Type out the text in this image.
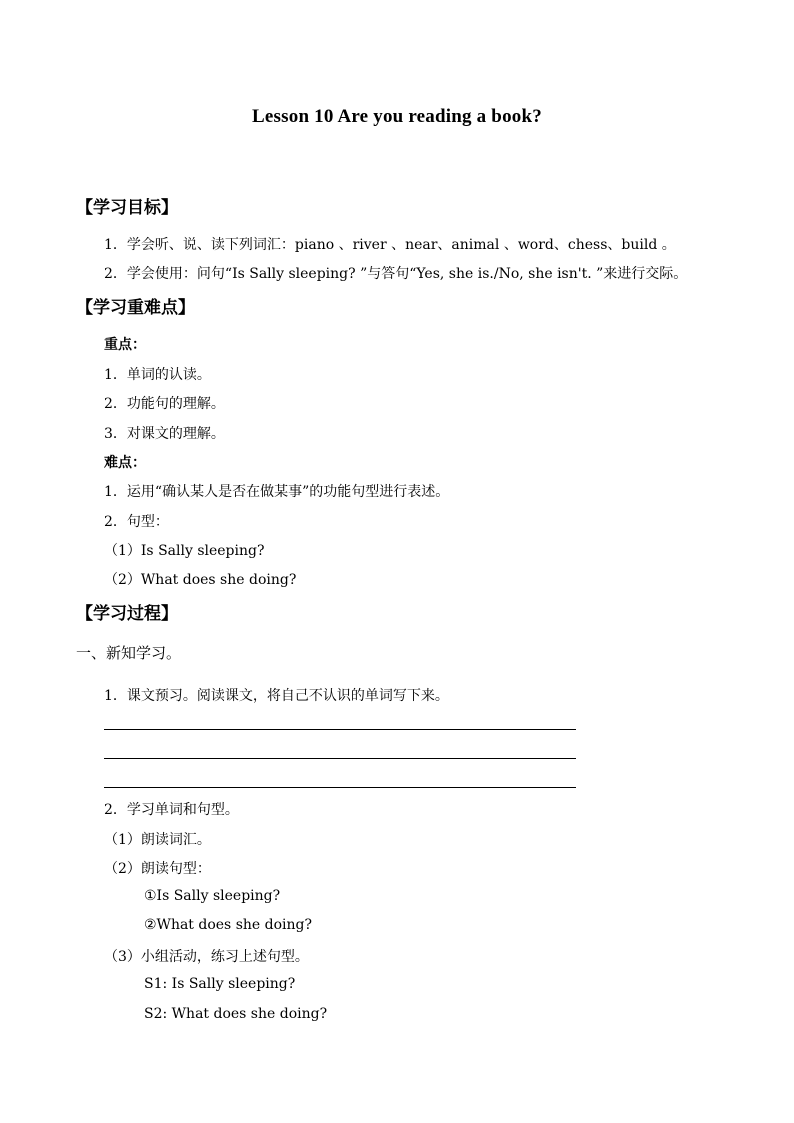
Lesson 10 Are you reading a book?
【学习目标】
1．学会听、说、读下列词汇：piano 、river 、near、animal 、word、chess、build 。
2．学会使用：问句“Is Sally sleeping? ”与答句“Yes, she is./No, she isn't. ”来进行交际。
【学习重难点】
重点：
1．单词的认读。
2．功能句的理解。
3．对课文的理解。
难点：
1．运用“确认某人是否在做某事”的功能句型进行表述。
2．句型：
（1）Is Sally sleeping?
（2）What does she doing?
【学习过程】
一、新知学习。
1．课文预习。阅读课文，将自己不认识的单词写下来。
2．学习单词和句型。
（1）朗读词汇。
（2）朗读句型：
①Is Sally sleeping?
②What does she doing?
（3）小组活动，练习上述句型。
S1: Is Sally sleeping?
S2: What does she doing?
